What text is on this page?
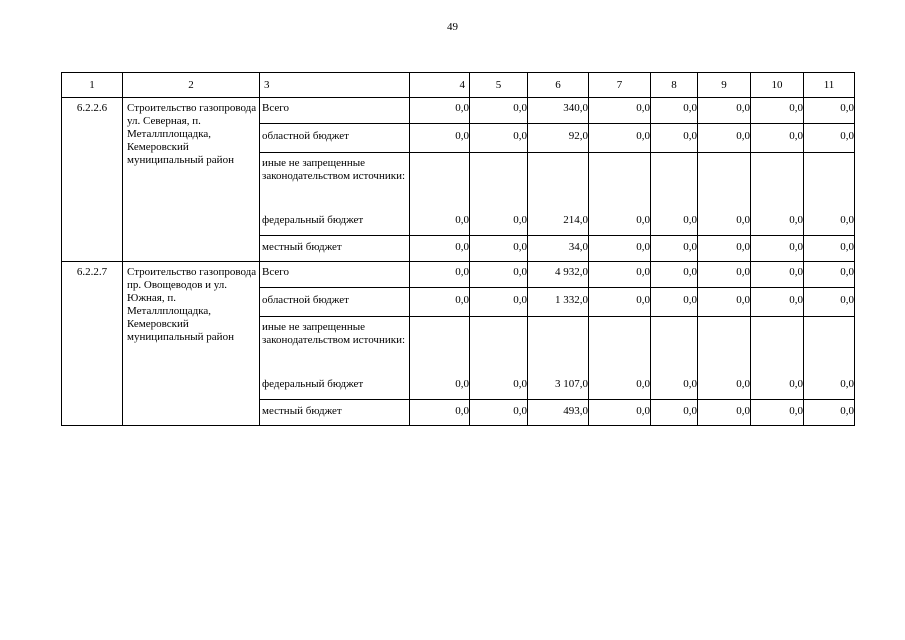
49
1	2	3	4	5	6	7	8	9	10	11
6.2.2.6	Строительство газопровода ул. Северная, п. Металлплощадка, Кемеровский муниципальный район	Всего	0,0	0,0	340,0	0,0	0,0	0,0	0,0	0,0
		областной бюджет	0,0	0,0	92,0	0,0	0,0	0,0	0,0	0,0
		иные не запрещенные законодательством источники:								
		федеральный бюджет	0,0	0,0	214,0	0,0	0,0	0,0	0,0	0,0
		местный бюджет	0,0	0,0	34,0	0,0	0,0	0,0	0,0	0,0
6.2.2.7	Строительство газопровода пр. Овощеводов и ул. Южная, п. Металлплощадка, Кемеровский муниципальный район	Всего	0,0	0,0	4 932,0	0,0	0,0	0,0	0,0	0,0
		областной бюджет	0,0	0,0	1 332,0	0,0	0,0	0,0	0,0	0,0
		иные не запрещенные законодательством источники:								
		федеральный бюджет	0,0	0,0	3 107,0	0,0	0,0	0,0	0,0	0,0
		местный бюджет	0,0	0,0	493,0	0,0	0,0	0,0	0,0	0,0
